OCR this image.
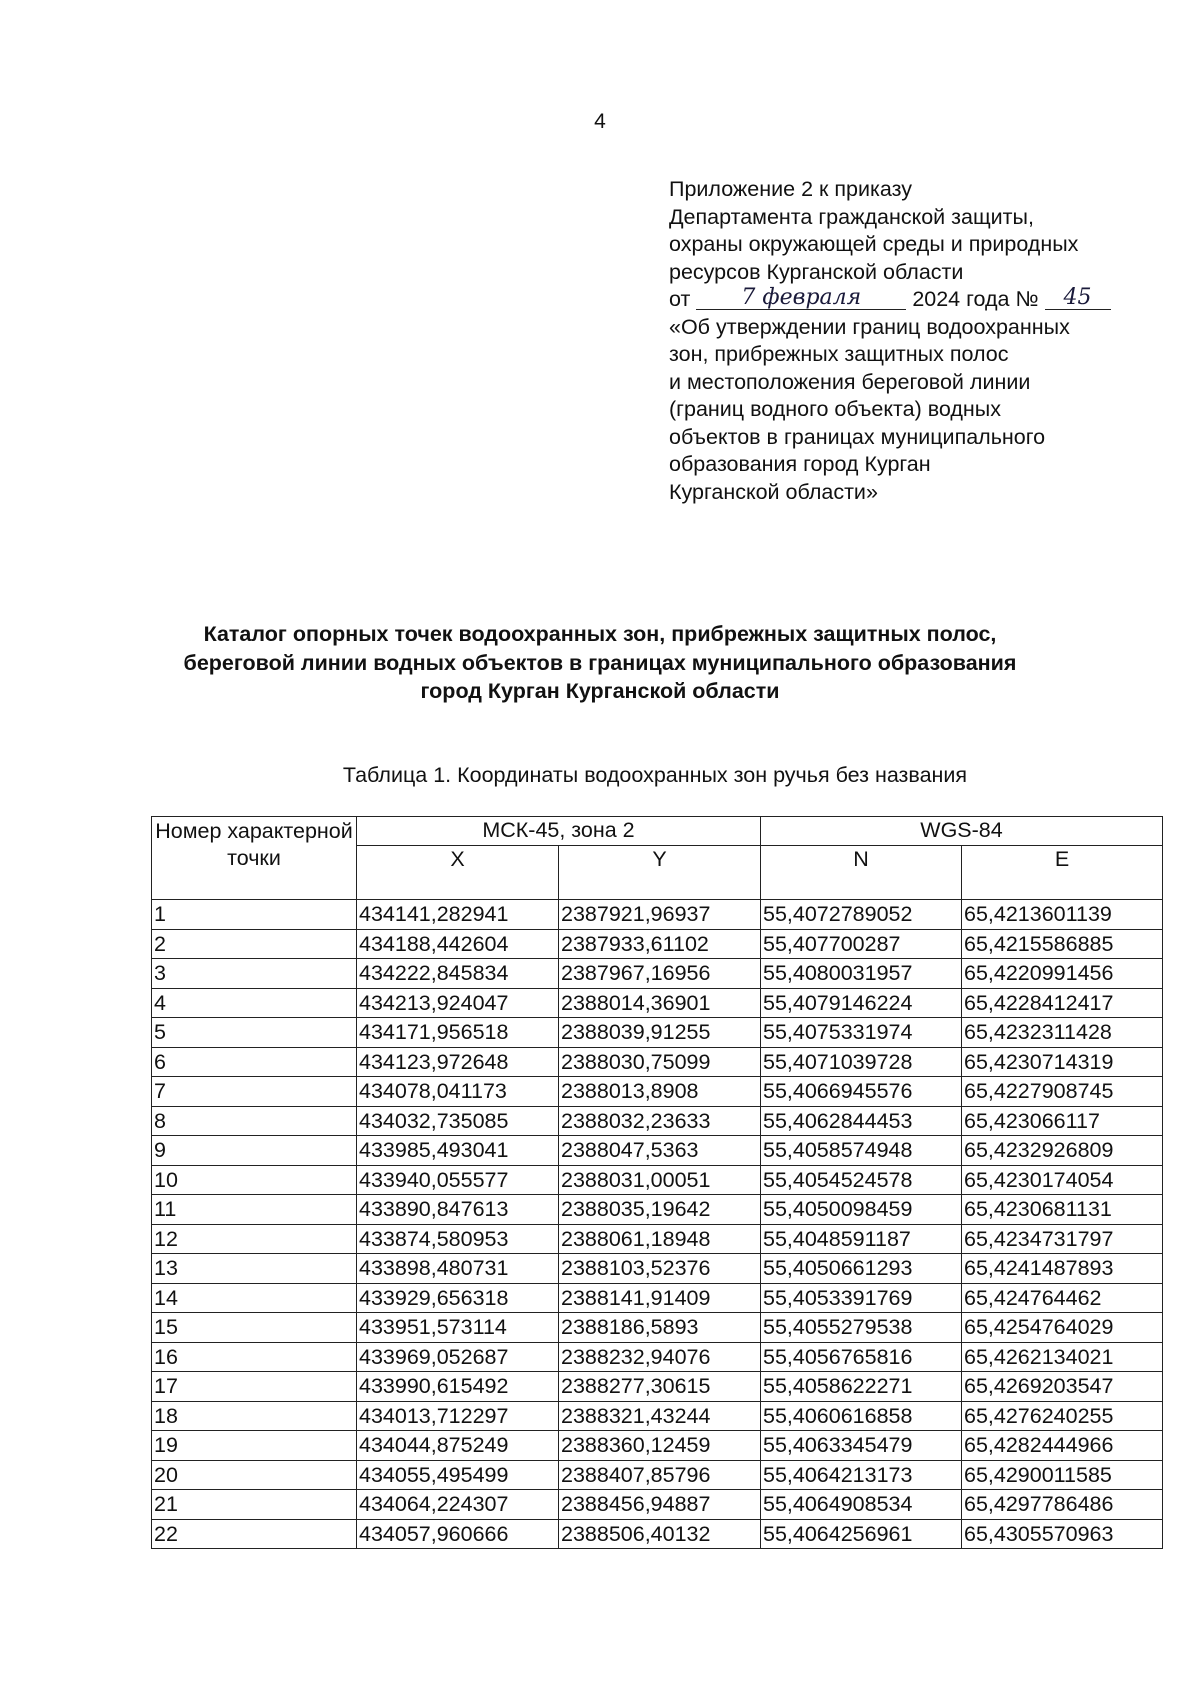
4
Приложение 2 к приказу
Департамента гражданской защиты,
охраны окружающей среды и природных
ресурсов Курганской области
от 7 февраля 2024 года № 45
«Об утверждении границ водоохранных
зон, прибрежных защитных полос
и местоположения береговой линии
(границ водного объекта) водных
объектов в границах муниципального
образования город Курган
Курганской области»
Каталог опорных точек водоохранных зон, прибрежных защитных полос,
береговой линии водных объектов в границах муниципального образования
город Курган Курганской области
Таблица 1. Координаты водоохранных зон ручья без названия
Номер характерной точки	МСК-45, зона 2		WGS-84	
	X	Y	N	E
1	434141,282941	2387921,96937	55,4072789052	65,4213601139
2	434188,442604	2387933,61102	55,407700287	65,4215586885
3	434222,845834	2387967,16956	55,4080031957	65,4220991456
4	434213,924047	2388014,36901	55,4079146224	65,4228412417
5	434171,956518	2388039,91255	55,4075331974	65,4232311428
6	434123,972648	2388030,75099	55,4071039728	65,4230714319
7	434078,041173	2388013,8908	55,4066945576	65,4227908745
8	434032,735085	2388032,23633	55,4062844453	65,423066117
9	433985,493041	2388047,5363	55,4058574948	65,4232926809
10	433940,055577	2388031,00051	55,4054524578	65,4230174054
11	433890,847613	2388035,19642	55,4050098459	65,4230681131
12	433874,580953	2388061,18948	55,4048591187	65,4234731797
13	433898,480731	2388103,52376	55,4050661293	65,4241487893
14	433929,656318	2388141,91409	55,4053391769	65,424764462
15	433951,573114	2388186,5893	55,4055279538	65,4254764029
16	433969,052687	2388232,94076	55,4056765816	65,4262134021
17	433990,615492	2388277,30615	55,4058622271	65,4269203547
18	434013,712297	2388321,43244	55,4060616858	65,4276240255
19	434044,875249	2388360,12459	55,4063345479	65,4282444966
20	434055,495499	2388407,85796	55,4064213173	65,4290011585
21	434064,224307	2388456,94887	55,4064908534	65,4297786486
22	434057,960666	2388506,40132	55,4064256961	65,4305570963
